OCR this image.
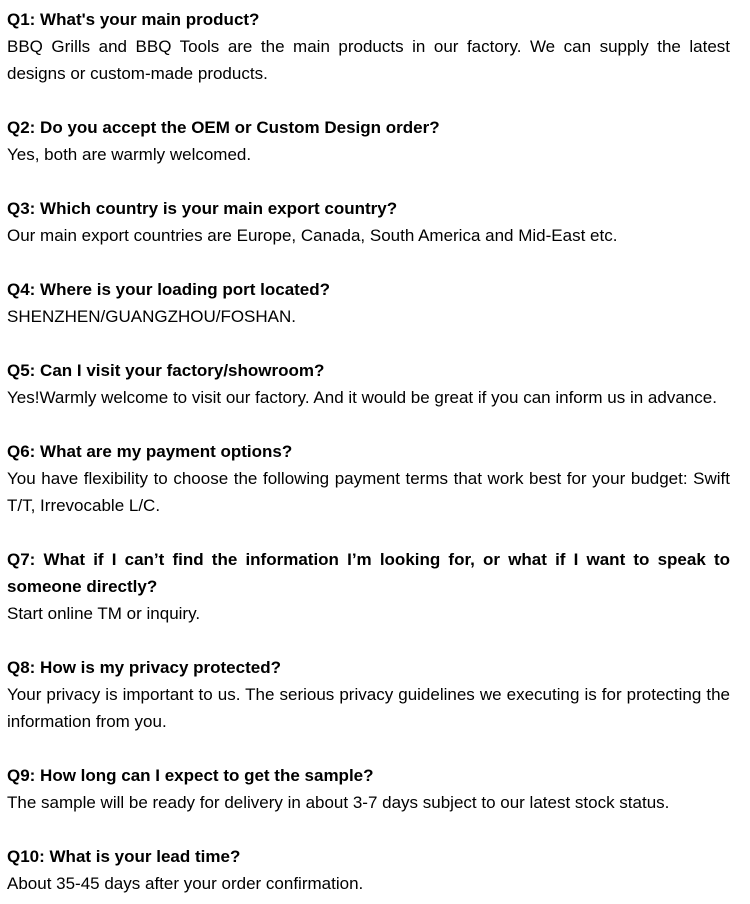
Q1: What's your main product?

BBQ Grills and BBQ Tools are the main products in our factory. We can supply the latest designs or custom-made products.

Q2: Do you accept the OEM or Custom Design order?

Yes, both are warmly welcomed.

Q3: Which country is your main export country?

Our main export countries are Europe, Canada, South America and Mid-East etc.

Q4: Where is your loading port located?

SHENZHEN/GUANGZHOU/FOSHAN.

Q5: Can I visit your factory/showroom?

Yes!Warmly welcome to visit our factory. And it would be great if you can inform us in advance.

Q6: What are my payment options?

You have flexibility to choose the following payment terms that work best for your budget: Swift T/T, Irrevocable L/C.

Q7: What if I can’t find the information I’m looking for, or what if I want to speak to someone directly?

Start online TM or inquiry.

Q8: How is my privacy protected?

Your privacy is important to us. The serious privacy guidelines we executing is for protecting the information from you.

Q9: How long can I expect to get the sample?

The sample will be ready for delivery in about 3-7 days subject to our latest stock status.

Q10: What is your lead time?

About 35-45 days after your order confirmation.
